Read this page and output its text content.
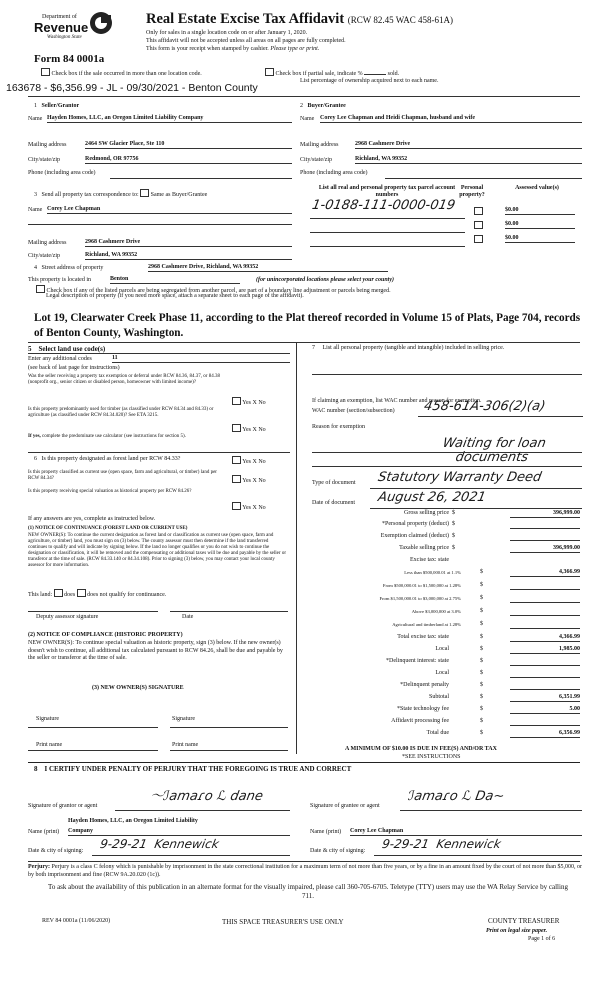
Department of
Revenue
Washington State
Real Estate Excise Tax Affidavit (RCW 82.45 WAC 458-61A)
Only for sales in a single location code on or after January 1, 2020.
This affidavit will not be accepted unless all areas on all pages are fully completed.
This form is your receipt when stamped by cashier. Please type or print.
Form 84 0001a
Check box if the sale occurred in more than one location code.	Check box if partial sale, indicate %	sold.
List percentage of ownership acquired next to each name.
163678 - $6,356.99 - JL - 09/30/2021 - Benton County
1 Seller/Grantor
Name Hayden Homes, LLC, an Oregon Limited Liability Company
2 Buyer/Grantee
Name Corey Lee Chapman and Heidi Chapman, husband and wife
Mailing address	2464 SW Glacier Place, Ste 110
City/state/zip	Redmond, OR 97756
Phone (including area code)
Mailing address	2968 Cashmere Drive
City/state/zip	Richland, WA 99352
Phone (including area code)
3 Send all property tax correspondence to: Same as Buyer/Grantee
Name Corey Lee Chapman
Mailing address	2968 Cashmere Drive
City/state/zip	Richland, WA 99352
List all real and personal property tax parcel account numbers
Personal property?
Assessed value(s)
1-0188-111-0000-019	$0.00
$0.00
$0.00
4 Street address of property	2968 Cashmere Drive, Richland, WA 99352
This property is located in	Benton	(for unincorporated locations please select your county)
Check box if any of the listed parcels are being segregated from another parcel, are part of a boundary line adjustment or parcels being merged.
Legal description of property (if you need more space, attach a separate sheet to each page of the affidavit).
Lot 19, Clearwater Creek Phase 11, according to the Plat thereof recorded in Volume 15 of Plats, Page 704, records of Benton County, Washington.
5 Select land use code(s)
Enter any additional codes	11
(see back of last page for instructions)
Was the seller receiving a property tax exemption or deferral under RCW 84.36, 84.37, or 84.38 (nonprofit org., senior citizen or disabled person, homeowner with limited income)?
Yes X No
Is this property predominantly used for timber (as classified under RCW 84.34 and 84.33) or agriculture (as classified under RCW 84.34.020)? See ETA 3215.
Yes X No
If yes, complete the predominate use calculator (see instructions for section 5).
6 Is this property designated as forest land per RCW 84.33?	Yes X No
Is this property classified as current use (open space, farm and agricultural, or timber) land per RCW 84.34?	Yes X No
Is this property receiving special valuation as historical property per RCW 84.26?
Yes X No
If any answers are yes, complete as instructed below.
(1) NOTICE OF CONTINUANCE (FOREST LAND OR CURRENT USE)
NEW OWNER(S): To continue the current designation as forest land or classification as current use (open space, farm and agriculture, or timber) land, you must sign on (3) below. The county assessor must then determine if the land transferred continues to qualify and will indicate by signing below. If the land no longer qualifies or you do not wish to continue the designation or classification, it will be removed and the compensating or additional taxes will be due and payable by the seller or transferor at the time of sale. (RCW 84.33.140 or 84.34.108). Prior to signing (3) below, you may contact your local county assessor for more information.
This land: does does not qualify for continuance.
Deputy assessor signature	Date
(2) NOTICE OF COMPLIANCE (HISTORIC PROPERTY)
NEW OWNER(S): To continue special valuation as historic property, sign (3) below. If the new owner(s) doesn't wish to continue, all additional tax calculated pursuant to RCW 84.26, shall be due and payable by the seller or transferor at the time of sale.
(3) NEW OWNER(S) SIGNATURE
Signature	Signature
Print name	Print name
7 List all personal property (tangible and intangible) included in selling price.
If claiming an exemption, list WAC number and reason for exemption.
WAC number (section/subsection) 458-61A-306(2)(a)
Reason for exemption
Waiting for loan documents
Type of document Statutory Warranty Deed
Date of document August 26, 2021
Gross selling price $	396,999.00
*Personal property (deduct) $
Exemption claimed (deduct) $
Taxable selling price $	396,999.00
Excise tax: state
Less than $500,000.01 at 1.1%	$	4,366.99
From $500,000.01 to $1,500,000 at 1.28%	$
From $1,500,000.01 to $3,000,000 at 2.75%	$
Above $3,000,000 at 3.0%	$
Agricultural and timberland at 1.28%	$
Total excise tax: state	$	4,366.99
Local	$	1,985.00
*Delinquent interest: state	$
Local	$
*Delinquent penalty	$
Subtotal	$	6,351.99
*State technology fee	$	5.00
Affidavit processing fee	$
Total due	$	6,356.99
A MINIMUM OF $10.00 IS DUE IN FEE(S) AND/OR TAX
*SEE INSTRUCTIONS
8 I CERTIFY UNDER PENALTY OF PERJURY THAT THE FOREGOING IS TRUE AND CORRECT
Signature of grantor or agent
〜ℐamaɾo ℒ dane
Signature of grantee or agent
ℐamaɾo ℒ Da~
Hayden Homes, LLC, an Oregon Limited Liability
Name (print) Company	Name (print) Corey Lee Chapman
Date & city of signing: 9-29-21  Kennewick	Date & city of signing: 9-29-21  Kennewick
Perjury: Perjury is a class C felony which is punishable by imprisonment in the state correctional institution for a maximum term of not more than five years, or by a fine in an amount fixed by the court of not more than $5,000, or by both imprisonment and fine (RCW 9A.20.020 (1c)).
To ask about the availability of this publication in an alternate format for the visually impaired, please call 360-705-6705. Teletype (TTY) users may use the WA Relay Service by calling 711.
REV 84 0001a (11/06/2020)	THIS SPACE TREASURER'S USE ONLY	COUNTY TREASURER
Print on legal size paper.
Page 1 of 6
